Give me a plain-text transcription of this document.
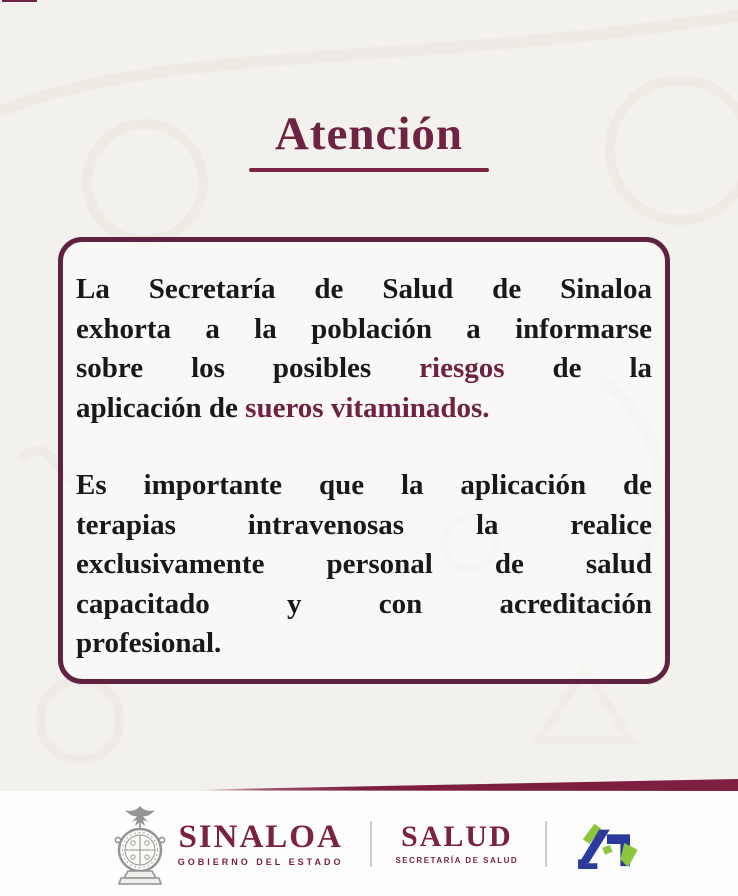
Atención
La Secretaría de Salud de Sinaloa
exhorta a la población a informarse
sobre los posibles riesgos de la
aplicación de sueros vitaminados.
Es importante que la aplicación de
terapias intravenosas la realice
exclusivamente personal de salud
capacitado y con acreditación
profesional.
SINALOA
GOBIERNO DEL ESTADO
SALUD
SECRETARÍA DE SALUD
